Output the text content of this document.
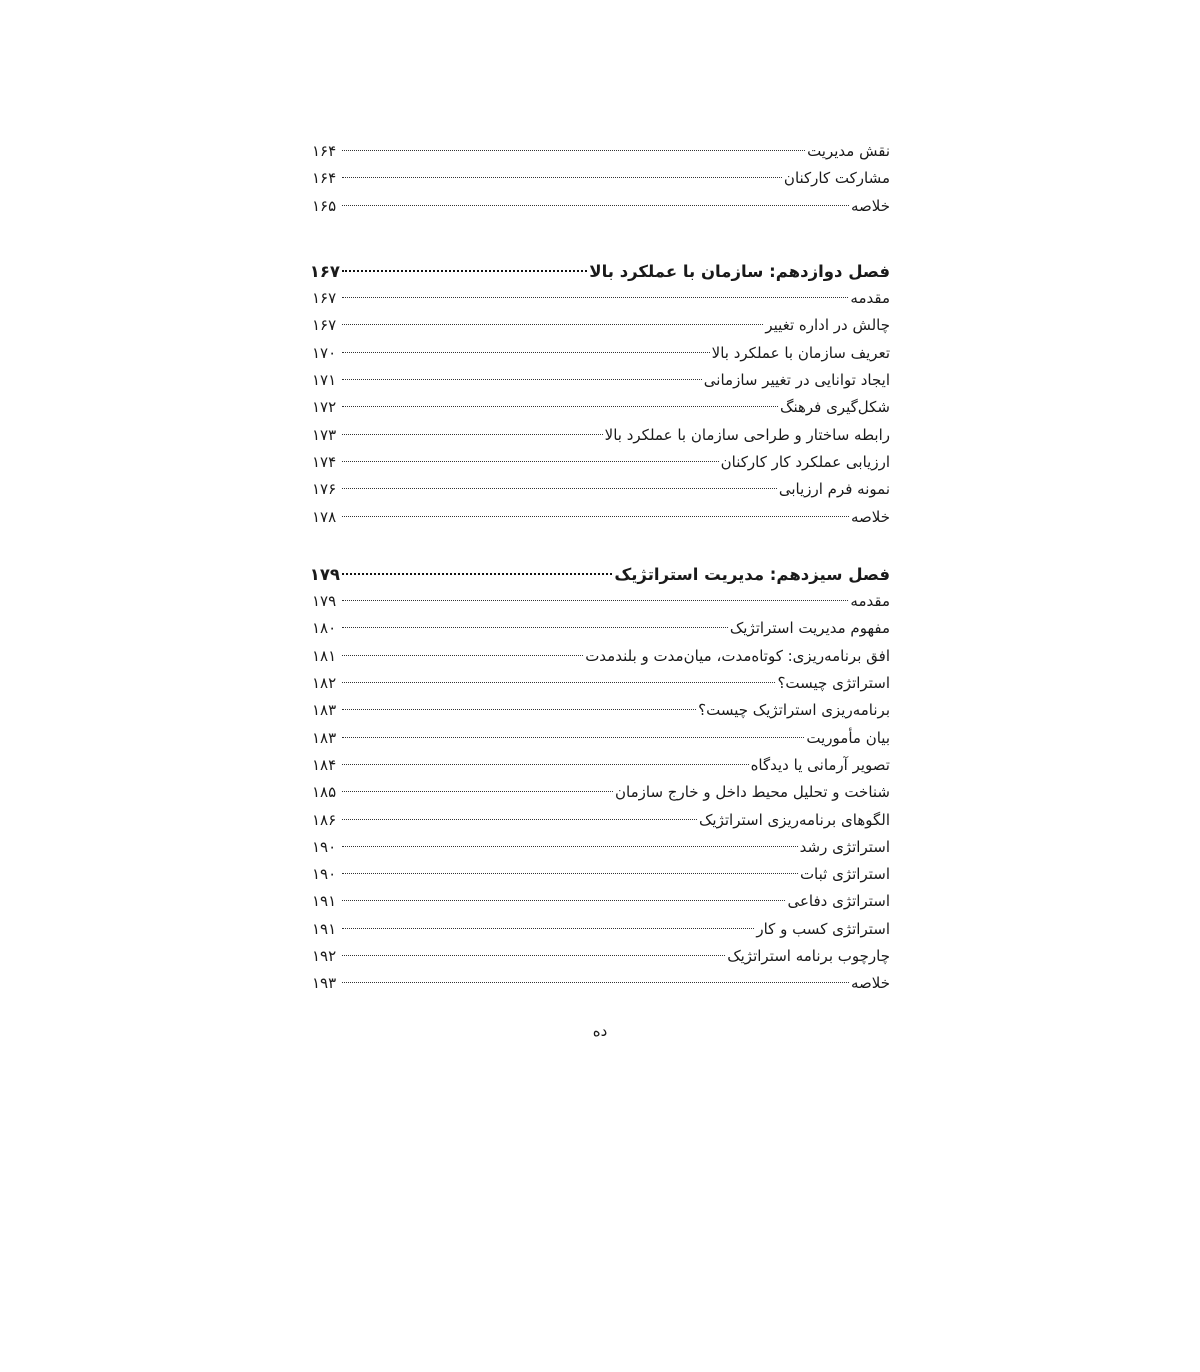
نقش مدیریت
۱۶۴
مشارکت کارکنان
۱۶۴
خلاصه
۱۶۵
فصل دوازدهم: سازمان با عملکرد بالا
۱۶۷
مقدمه
۱۶۷
چالش در اداره تغییر
۱۶۷
تعریف سازمان با عملکرد بالا
۱۷۰
ایجاد توانایی در تغییر سازمانی
۱۷۱
شکل‌گیری فرهنگ
۱۷۲
رابطه ساختار و طراحی سازمان با عملکرد بالا
۱۷۳
ارزیابی عملکرد کار کارکنان
۱۷۴
نمونه فرم ارزیابی
۱۷۶
خلاصه
۱۷۸
فصل سیزدهم: مدیریت استراتژیک
۱۷۹
مقدمه
۱۷۹
مفهوم مدیریت استراتژیک
۱۸۰
افق برنامه‌ریزی: کوتاه‌مدت، میان‌مدت و بلندمدت
۱۸۱
استراتژی چیست؟
۱۸۲
برنامه‌ریزی استراتژیک چیست؟
۱۸۳
بیان مأموریت
۱۸۳
تصویر آرمانی یا دیدگاه
۱۸۴
شناخت و تحلیل محیط داخل و خارج سازمان
۱۸۵
الگوهای برنامه‌ریزی استراتژیک
۱۸۶
استراتژی رشد
۱۹۰
استراتژی ثبات
۱۹۰
استراتژی دفاعی
۱۹۱
استراتژی کسب و کار
۱۹۱
چارچوب برنامه استراتژیک
۱۹۲
خلاصه
۱۹۳
ده
